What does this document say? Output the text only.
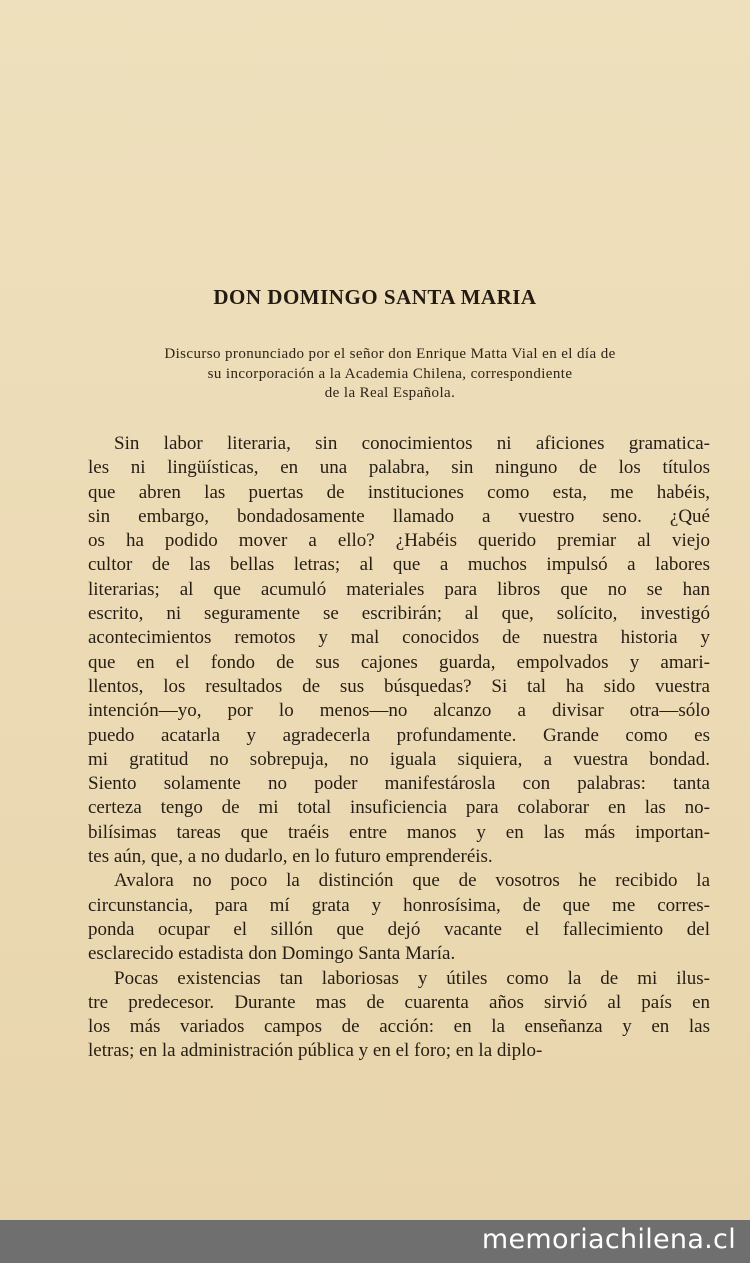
DON DOMINGO SANTA MARIA
Discurso pronunciado por el señor don Enrique Matta Vial en el día de
su incorporación a la Academia Chilena, correspondiente
de la Real Española.
Sin labor literaria, sin conocimientos ni aficiones gramatica-
les ni lingüísticas, en una palabra, sin ninguno de los títulos
que abren las puertas de instituciones como esta, me habéis,
sin embargo, bondadosamente llamado a vuestro seno. ¿Qué
os ha podido mover a ello? ¿Habéis querido premiar al viejo
cultor de las bellas letras; al que a muchos impulsó a labores
literarias; al que acumuló materiales para libros que no se han
escrito, ni seguramente se escribirán; al que, solícito, investigó
acontecimientos remotos y mal conocidos de nuestra historia y
que en el fondo de sus cajones guarda, empolvados y amari-
llentos, los resultados de sus búsquedas? Si tal ha sido vuestra
intención—yo, por lo menos—no alcanzo a divisar otra—sólo
puedo acatarla y agradecerla profundamente. Grande como es
mi gratitud no sobrepuja, no iguala siquiera, a vuestra bondad.
Siento solamente no poder manifestárosla con palabras: tanta
certeza tengo de mi total insuficiencia para colaborar en las no-
bilísimas tareas que traéis entre manos y en las más importan-
tes aún, que, a no dudarlo, en lo futuro emprenderéis.
Avalora no poco la distinción que de vosotros he recibido la
circunstancia, para mí grata y honrosísima, de que me corres-
ponda ocupar el sillón que dejó vacante el fallecimiento del
esclarecido estadista don Domingo Santa María.
Pocas existencias tan laboriosas y útiles como la de mi ilus-
tre predecesor. Durante mas de cuarenta años sirvió al país en
los más variados campos de acción: en la enseñanza y en las
letras; en la administración pública y en el foro; en la diplo-
memoriachilena.cl
